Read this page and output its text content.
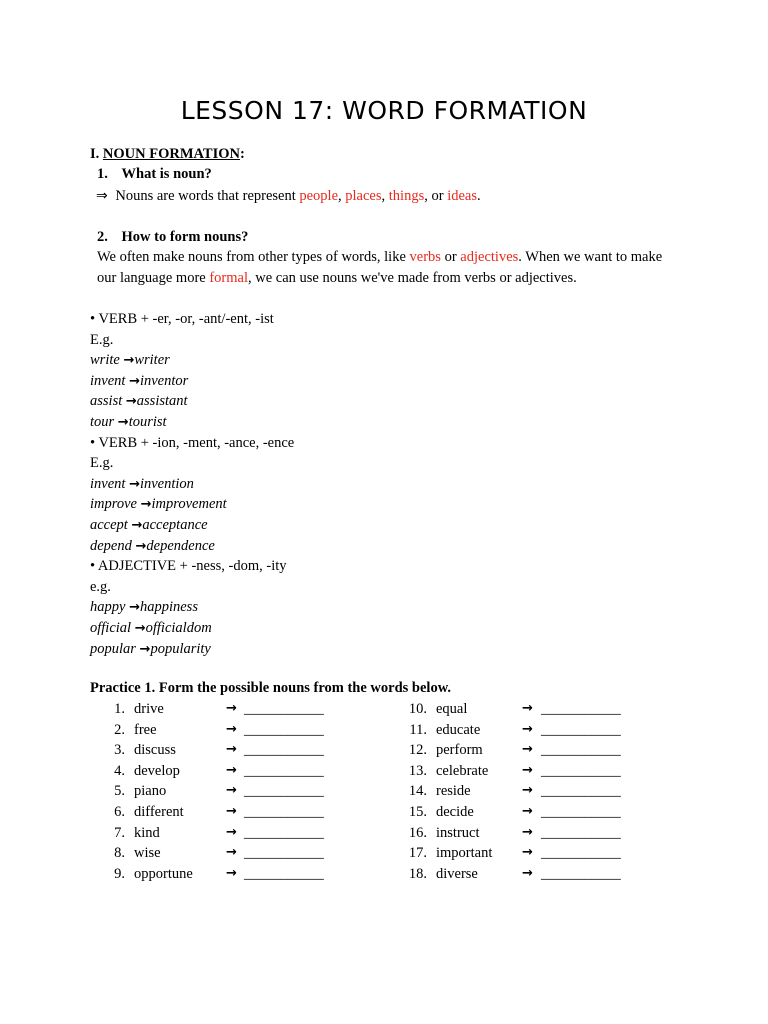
LESSON 17: WORD FORMATION
I. NOUN FORMATION:
1. What is noun?
⇒ Nouns are words that represent people, places, things, or ideas.
2. How to form nouns?
We often make nouns from other types of words, like verbs or adjectives. When we want to make
our language more formal, we can use nouns we've made from verbs or adjectives.
• VERB + -er, -or, -ant/-ent, -ist
E.g.
write →writer
invent →inventor
assist →assistant
tour →tourist
• VERB + -ion, -ment, -ance, -ence
E.g.
invent →invention
improve →improvement
accept →acceptance
depend →dependence
• ADJECTIVE + -ness, -dom, -ity
e.g.
happy →happiness
official →officialdom
popular →popularity
Practice 1. Form the possible nouns from the words below.
1. drive	→ ___________
2. free	→ ___________
3. discuss	→ ___________
4. develop	→ ___________
5. piano	→ ___________
6. different	→ ___________
7. kind	→ ___________
8. wise	→ ___________
9. opportune	→ ___________
10. equal	→ ___________
11. educate	→ ___________
12. perform	→ ___________
13. celebrate	→ ___________
14. reside	→ ___________
15. decide	→ ___________
16. instruct	→ ___________
17. important → ___________
18. diverse	→ ___________
